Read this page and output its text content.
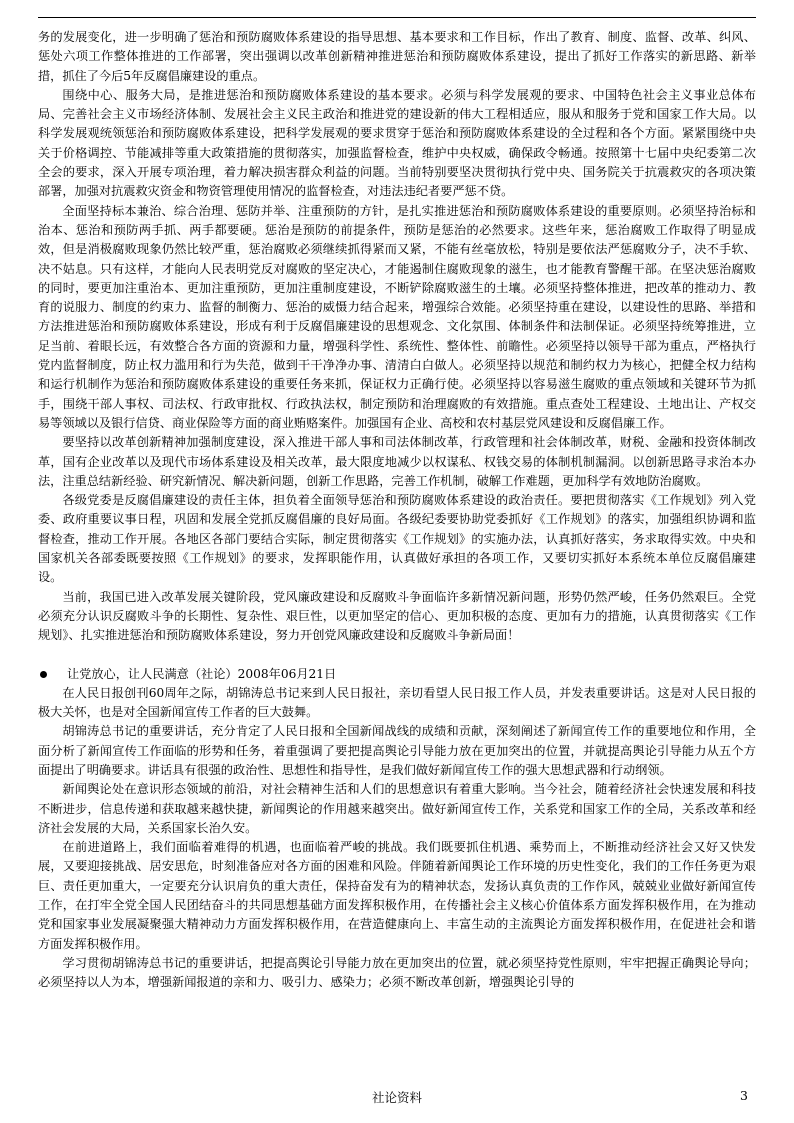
务的发展变化，进一步明确了惩治和预防腐败体系建设的指导思想、基本要求和工作目标，作出了教育、制度、监督、改革、纠风、惩处六项工作整体推进的工作部署，突出强调以改革创新精神推进惩治和预防腐败体系建设，提出了抓好工作落实的新思路、新举措，抓住了今后5年反腐倡廉建设的重点。

围绕中心、服务大局，是推进惩治和预防腐败体系建设的基本要求。必须与科学发展观的要求、中国特色社会主义事业总体布局、完善社会主义市场经济体制、发展社会主义民主政治和推进党的建设新的伟大工程相适应，服从和服务于党和国家工作大局。以科学发展观统领惩治和预防腐败体系建设，把科学发展观的要求贯穿于惩治和预防腐败体系建设的全过程和各个方面。紧紧围绕中央关于价格调控、节能减排等重大政策措施的贯彻落实，加强监督检查，维护中央权威，确保政令畅通。按照第十七届中央纪委第二次全会的要求，深入开展专项治理，着力解决损害群众利益的问题。当前特别要坚决贯彻执行党中央、国务院关于抗震救灾的各项决策部署，加强对抗震救灾资金和物资管理使用情况的监督检查，对违法违纪者要严惩不贷。

全面坚持标本兼治、综合治理、惩防并举、注重预防的方针，是扎实推进惩治和预防腐败体系建设的重要原则。必须坚持治标和治本、惩治和预防两手抓、两手都要硬。惩治是预防的前提条件，预防是惩治的必然要求。这些年来，惩治腐败工作取得了明显成效，但是消极腐败现象仍然比较严重，惩治腐败必须继续抓得紧而又紧，不能有丝毫放松，特别是要依法严惩腐败分子，决不手软、决不姑息。只有这样，才能向人民表明党反对腐败的坚定决心，才能遏制住腐败现象的滋生，也才能教育警醒干部。在坚决惩治腐败的同时，要更加注重治本、更加注重预防，更加注重制度建设，不断铲除腐败滋生的土壤。必须坚持整体推进，把改革的推动力、教育的说服力、制度的约束力、监督的制衡力、惩治的威慑力结合起来，增强综合效能。必须坚持重在建设，以建设性的思路、举措和方法推进惩治和预防腐败体系建设，形成有利于反腐倡廉建设的思想观念、文化氛围、体制条件和法制保证。必须坚持统筹推进，立足当前、着眼长远，有效整合各方面的资源和力量，增强科学性、系统性、整体性、前瞻性。必须坚持以领导干部为重点，严格执行党内监督制度，防止权力滥用和行为失范，做到干干净净办事、清清白白做人。必须坚持以规范和制约权力为核心，把健全权力结构和运行机制作为惩治和预防腐败体系建设的重要任务来抓，保证权力正确行使。必须坚持以容易滋生腐败的重点领域和关键环节为抓手，围绕干部人事权、司法权、行政审批权、行政执法权，制定预防和治理腐败的有效措施。重点查处工程建设、土地出让、产权交易等领域以及银行信贷、商业保险等方面的商业贿赂案件。加强国有企业、高校和农村基层党风建设和反腐倡廉工作。

要坚持以改革创新精神加强制度建设，深入推进干部人事和司法体制改革，行政管理和社会体制改革，财税、金融和投资体制改革，国有企业改革以及现代市场体系建设及相关改革，最大限度地减少以权谋私、权钱交易的体制机制漏洞。以创新思路寻求治本办法，注重总结新经验、研究新情况、解决新问题，创新工作思路，完善工作机制，破解工作难题，更加科学有效地防治腐败。

各级党委是反腐倡廉建设的责任主体，担负着全面领导惩治和预防腐败体系建设的政治责任。要把贯彻落实《工作规划》列入党委、政府重要议事日程，巩固和发展全党抓反腐倡廉的良好局面。各级纪委要协助党委抓好《工作规划》的落实，加强组织协调和监督检查，推动工作开展。各地区各部门要结合实际，制定贯彻落实《工作规划》的实施办法，认真抓好落实，务求取得实效。中央和国家机关各部委既要按照《工作规划》的要求，发挥职能作用，认真做好承担的各项工作，又要切实抓好本系统本单位反腐倡廉建设。

当前，我国已进入改革发展关键阶段，党风廉政建设和反腐败斗争面临许多新情况新问题，形势仍然严峻，任务仍然艰巨。全党必须充分认识反腐败斗争的长期性、复杂性、艰巨性，以更加坚定的信心、更加积极的态度、更加有力的措施，认真贯彻落实《工作规划》、扎实推进惩治和预防腐败体系建设，努力开创党风廉政建设和反腐败斗争新局面！

让党放心，让人民满意（社论）2008年06月21日

在人民日报创刊60周年之际，胡锦涛总书记来到人民日报社，亲切看望人民日报工作人员，并发表重要讲话。这是对人民日报的极大关怀，也是对全国新闻宣传工作者的巨大鼓舞。

胡锦涛总书记的重要讲话，充分肯定了人民日报和全国新闻战线的成绩和贡献，深刻阐述了新闻宣传工作的重要地位和作用，全面分析了新闻宣传工作面临的形势和任务，着重强调了要把提高舆论引导能力放在更加突出的位置，并就提高舆论引导能力从五个方面提出了明确要求。讲话具有很强的政治性、思想性和指导性，是我们做好新闻宣传工作的强大思想武器和行动纲领。

新闻舆论处在意识形态领域的前沿，对社会精神生活和人们的思想意识有着重大影响。当今社会，随着经济社会快速发展和科技不断进步，信息传递和获取越来越快捷，新闻舆论的作用越来越突出。做好新闻宣传工作，关系党和国家工作的全局，关系改革和经济社会发展的大局，关系国家长治久安。

在前进道路上，我们面临着难得的机遇，也面临着严峻的挑战。我们既要抓住机遇、乘势而上，不断推动经济社会又好又快发展，又要迎接挑战、居安思危，时刻准备应对各方面的困难和风险。伴随着新闻舆论工作环境的历史性变化，我们的工作任务更为艰巨、责任更加重大，一定要充分认识肩负的重大责任，保持奋发有为的精神状态，发扬认真负责的工作作风，兢兢业业做好新闻宣传工作，在打牢全党全国人民团结奋斗的共同思想基础方面发挥积极作用，在传播社会主义核心价值体系方面发挥积极作用，在为推动党和国家事业发展凝聚强大精神动力方面发挥积极作用，在营造健康向上、丰富生动的主流舆论方面发挥积极作用，在促进社会和谐方面发挥积极作用。

学习贯彻胡锦涛总书记的重要讲话，把提高舆论引导能力放在更加突出的位置，就必须坚持党性原则，牢牢把握正确舆论导向；必须坚持以人为本，增强新闻报道的亲和力、吸引力、感染力；必须不断改革创新，增强舆论引导的

社论资料	3
